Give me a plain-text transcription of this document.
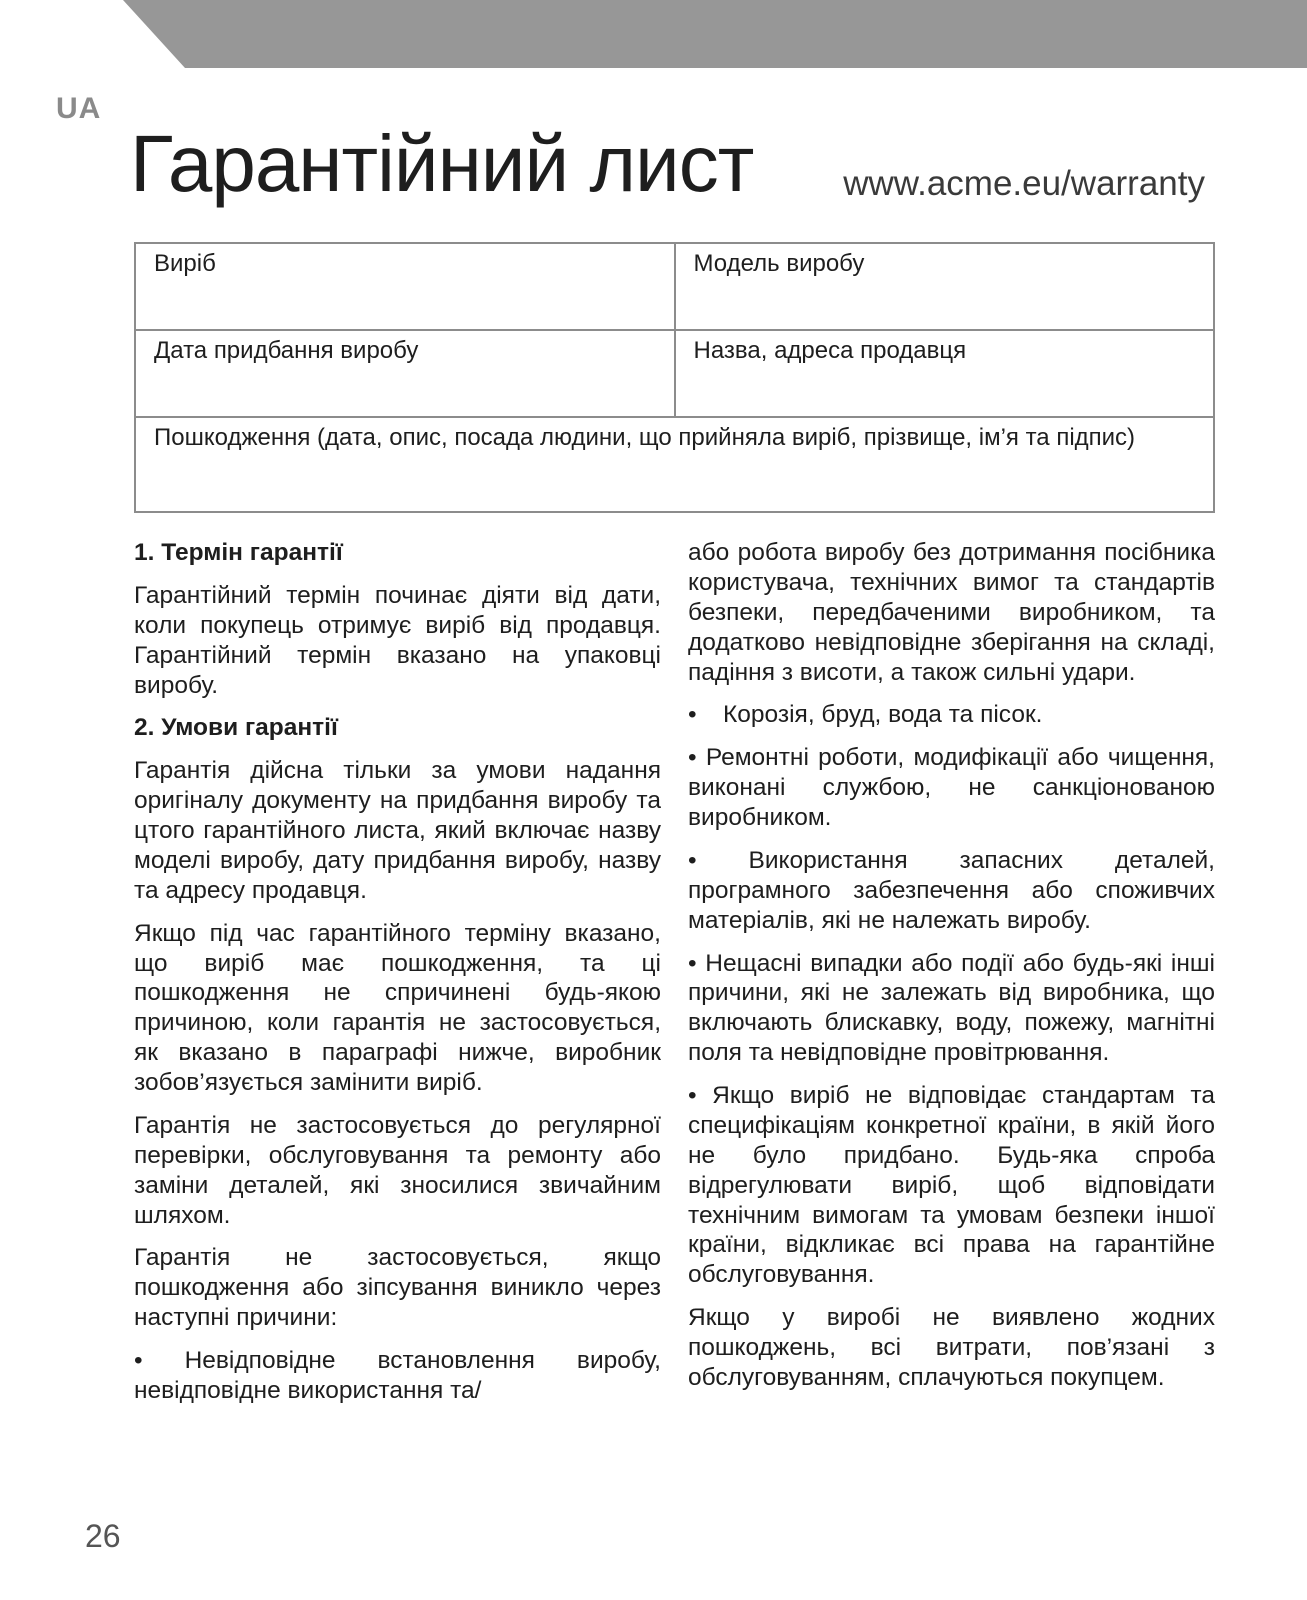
UA
Гарантійний лист	www.acme.eu/warranty
Виріб	Модель виробу
Дата придбання виробу	Назва, адреса продавця
Пошкодження (дата, опис, посада людини, що прийняла виріб, прізвище, ім’я та підпис)	
1. Термін гарантії

Гарантійний термін починає діяти від дати, коли покупець отримує виріб від продавця. Гарантійний термін вказано на упаковці виробу.

2. Умови гарантії

Гарантія дійсна тільки за умови надання оригіналу документу на придбання виробу та цтого гарантійного листа, який включає назву моделі виробу, дату придбання виробу, назву та адресу продавця.

Якщо під час гарантійного терміну вказано, що виріб має пошкодження, та ці пошкодження не спричинені будь-якою причиною, коли гарантія не застосовується, як вказано в параграфі нижче, виробник зобов’язується замінити виріб.

Гарантія не застосовується до регулярної перевірки, обслуговування та ремонту або заміни деталей, які зносилися звичайним шляхом.

Гарантія не застосовується, якщо пошкодження або зіпсування виникло через наступні причини:

• Невідповідне встановлення виробу, невідповідне використання та/

або робота виробу без дотримання посібника користувача, технічних вимог та стандартів безпеки, передбаченими виробником, та додатково невідповідне зберігання на складі, падіння з висоти, а також сильні удари.

•	Корозія, бруд, вода та пісок.

• Ремонтні роботи, модифікації або чищення, виконані службою, не санкціонованою виробником.

• Використання запасних деталей, програмного забезпечення або споживчих матеріалів, які не належать виробу.

• Нещасні випадки або події або будь-які інші причини, які не залежать від виробника, що включають блискавку, воду, пожежу, магнітні поля та невідповідне провітрювання.

• Якщо виріб не відповідає стандартам та специфікаціям конкретної країни, в якій його не було придбано. Будь-яка спроба відрегулювати виріб, щоб відповідати технічним вимогам та умовам безпеки іншої країни, відкликає всі права на гарантійне обслуговування.

Якщо у виробі не виявлено жодних пошкоджень, всі витрати, пов’язані з обслуговуванням, сплачуються покупцем.

26
